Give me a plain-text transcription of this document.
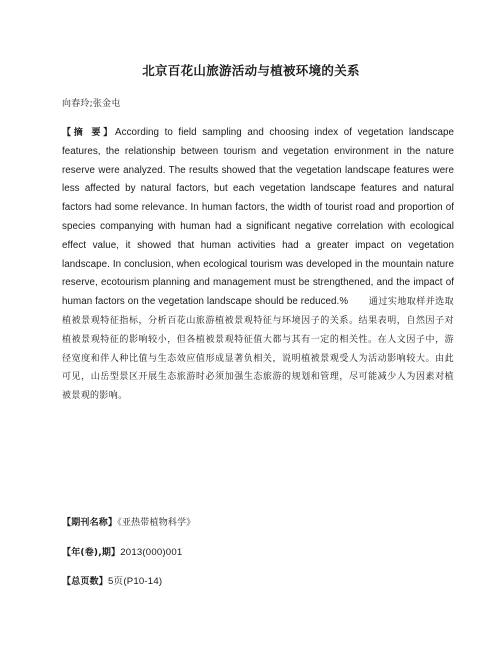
北京百花山旅游活动与植被环境的关系

向春玲;张金屯

【摘 要】According to field sampling and choosing index of vegetation landscape features, the relationship between tourism and vegetation environment in the nature reserve were analyzed. The results showed that the vegetation landscape features were less affected by natural factors, but each vegetation landscape features and natural factors had some relevance. In human factors, the width of tourist road and proportion of species companying with human had a significant negative correlation with ecological effect value, it showed that human activities had a greater impact on vegetation landscape. In conclusion, when ecological tourism was developed in the mountain nature reserve, ecotourism planning and management must be strengthened, and the impact of human factors on the vegetation landscape should be reduced.% 通过实地取样并选取植被景观特征指标，分析百花山旅游植被景观特征与环境因子的关系。结果表明，自然因子对植被景观特征的影响较小，但各植被景观特征值大都与其有一定的相关性。在人文因子中，游径宽度和伴人种比值与生态效应值形成显著负相关，说明植被景观受人为活动影响较大。由此可见，山岳型景区开展生态旅游时必须加强生态旅游的规划和管理，尽可能减少人为因素对植被景观的影响。

【期刊名称】《亚热带植物科学》

【年(卷),期】2013(000)001

【总页数】5页(P10-14)
